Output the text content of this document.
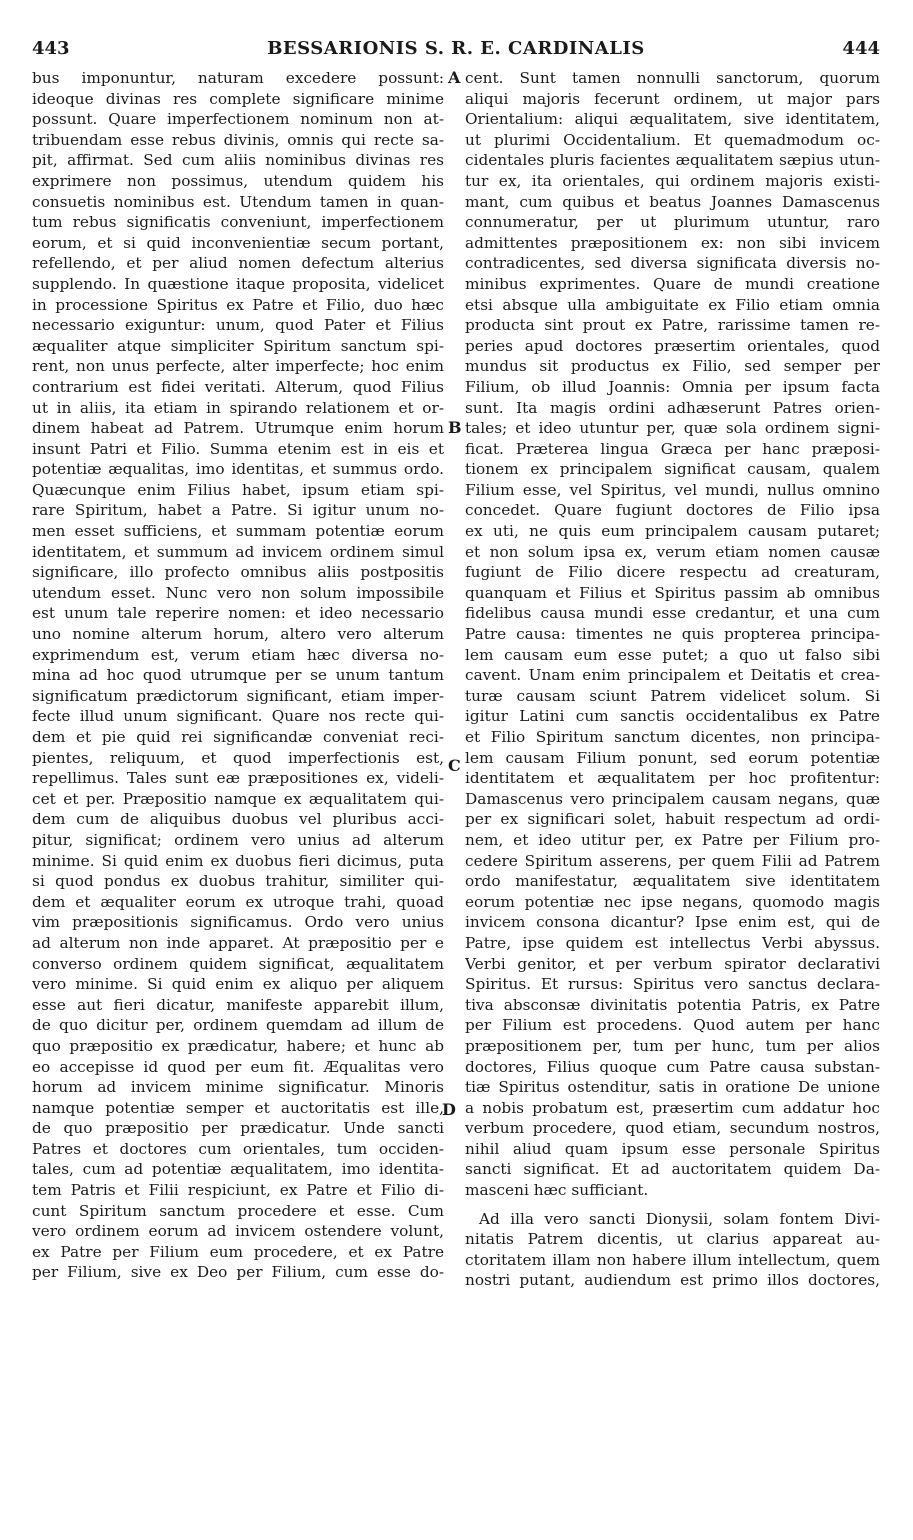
443	BESSARIONIS S. R. E. CARDINALIS	444
bus imponuntur, naturam excedere possunt:
ideoque divinas res complete significare minime
possunt. Quare imperfectionem nominum non at-
tribuendam esse rebus divinis, omnis qui recte sa-
pit, affirmat. Sed cum aliis nominibus divinas res
exprimere non possimus, utendum quidem his
consuetis nominibus est. Utendum tamen in quan-
tum rebus significatis conveniunt, imperfectionem
eorum, et si quid inconvenientiæ secum portant,
refellendo, et per aliud nomen defectum alterius
supplendo. In quæstione itaque proposita, videlicet
in processione Spiritus ex Patre et Filio, duo hæc
necessario exiguntur: unum, quod Pater et Filius
æqualiter atque simpliciter Spiritum sanctum spi-
rent, non unus perfecte, alter imperfecte; hoc enim
contrarium est fidei veritati. Alterum, quod Filius
ut in aliis, ita etiam in spirando relationem et or-
dinem habeat ad Patrem. Utrumque enim horum
insunt Patri et Filio. Summa etenim est in eis et
potentiæ æqualitas, imo identitas, et summus ordo.
Quæcunque enim Filius habet, ipsum etiam spi-
rare Spiritum, habet a Patre. Si igitur unum no-
men esset sufficiens, et summam potentiæ eorum
identitatem, et summum ad invicem ordinem simul
significare, illo profecto omnibus aliis postpositis
utendum esset. Nunc vero non solum impossibile
est unum tale reperire nomen: et ideo necessario
uno nomine alterum horum, altero vero alterum
exprimendum est, verum etiam hæc diversa no-
mina ad hoc quod utrumque per se unum tantum
significatum prædictorum significant, etiam imper-
fecte illud unum significant. Quare nos recte qui-
dem et pie quid rei significandæ conveniat reci-
pientes, reliquum, et quod imperfectionis est,
repellimus. Tales sunt eæ præpositiones ex, videli-
cet et per. Præpositio namque ex æqualitatem qui-
dem cum de aliquibus duobus vel pluribus acci-
pitur, significat; ordinem vero unius ad alterum
minime. Si quid enim ex duobus fieri dicimus, puta
si quod pondus ex duobus trahitur, similiter qui-
dem et æqualiter eorum ex utroque trahi, quoad
vim præpositionis significamus. Ordo vero unius
ad alterum non inde apparet. At præpositio per e
converso ordinem quidem significat, æqualitatem
vero minime. Si quid enim ex aliquo per aliquem
esse aut fieri dicatur, manifeste apparebit illum,
de quo dicitur per, ordinem quemdam ad illum de
quo præpositio ex prædicatur, habere; et hunc ab
eo accepisse id quod per eum fit. Æqualitas vero
horum ad invicem minime significatur. Minoris
namque potentiæ semper et auctoritatis est ille,
de quo præpositio per prædicatur. Unde sancti
Patres et doctores cum orientales, tum occiden-
tales, cum ad potentiæ æqualitatem, imo identita-
tem Patris et Filii respiciunt, ex Patre et Filio di-
cunt Spiritum sanctum procedere et esse. Cum
vero ordinem eorum ad invicem ostendere volunt,
ex Patre per Filium eum procedere, et ex Patre
per Filium, sive ex Deo per Filium, cum esse do-
cent. Sunt tamen nonnulli sanctorum, quorum
aliqui majoris fecerunt ordinem, ut major pars
Orientalium: aliqui æqualitatem, sive identitatem,
ut plurimi Occidentalium. Et quemadmodum oc-
cidentales pluris facientes æqualitatem sæpius utun-
tur ex, ita orientales, qui ordinem majoris existi-
mant, cum quibus et beatus Joannes Damascenus
connumeratur, per ut plurimum utuntur, raro
admittentes præpositionem ex: non sibi invicem
contradicentes, sed diversa significata diversis no-
minibus exprimentes. Quare de mundi creatione
etsi absque ulla ambiguitate ex Filio etiam omnia
producta sint prout ex Patre, rarissime tamen re-
peries apud doctores præsertim orientales, quod
mundus sit productus ex Filio, sed semper per
Filium, ob illud Joannis: Omnia per ipsum facta
sunt. Ita magis ordini adhæserunt Patres orien-
tales; et ideo utuntur per, quæ sola ordinem signi-
ficat. Præterea lingua Græca per hanc præposi-
tionem ex principalem significat causam, qualem
Filium esse, vel Spiritus, vel mundi, nullus omnino
concedet. Quare fugiunt doctores de Filio ipsa
ex uti, ne quis eum principalem causam putaret;
et non solum ipsa ex, verum etiam nomen causæ
fugiunt de Filio dicere respectu ad creaturam,
quanquam et Filius et Spiritus passim ab omnibus
fidelibus causa mundi esse credantur, et una cum
Patre causa: timentes ne quis propterea principa-
lem causam eum esse putet; a quo ut falso sibi
cavent. Unam enim principalem et Deitatis et crea-
turæ causam sciunt Patrem videlicet solum. Si
igitur Latini cum sanctis occidentalibus ex Patre
et Filio Spiritum sanctum dicentes, non principa-
lem causam Filium ponunt, sed eorum potentiæ
identitatem et æqualitatem per hoc profitentur:
Damascenus vero principalem causam negans, quæ
per ex significari solet, habuit respectum ad ordi-
nem, et ideo utitur per, ex Patre per Filium pro-
cedere Spiritum asserens, per quem Filii ad Patrem
ordo manifestatur, æqualitatem sive identitatem
eorum potentiæ nec ipse negans, quomodo magis
invicem consona dicantur? Ipse enim est, qui de
Patre, ipse quidem est intellectus Verbi abyssus.
Verbi genitor, et per verbum spirator declarativi
Spiritus. Et rursus: Spiritus vero sanctus declara-
tiva absconsæ divinitatis potentia Patris, ex Patre
per Filium est procedens. Quod autem per hanc
præpositionem per, tum per hunc, tum per alios
doctores, Filius quoque cum Patre causa substan-
tiæ Spiritus ostenditur, satis in oratione De unione
a nobis probatum est, præsertim cum addatur hoc
verbum procedere, quod etiam, secundum nostros,
nihil aliud quam ipsum esse personale Spiritus
sancti significat. Et ad auctoritatem quidem Da-
masceni hæc sufficiant.
Ad illa vero sancti Dionysii, solam fontem Divi-
nitatis Patrem dicentis, ut clarius appareat au-
ctoritatem illam non habere illum intellectum, quem
nostri putant, audiendum est primo illos doctores,
A
B
C
D
